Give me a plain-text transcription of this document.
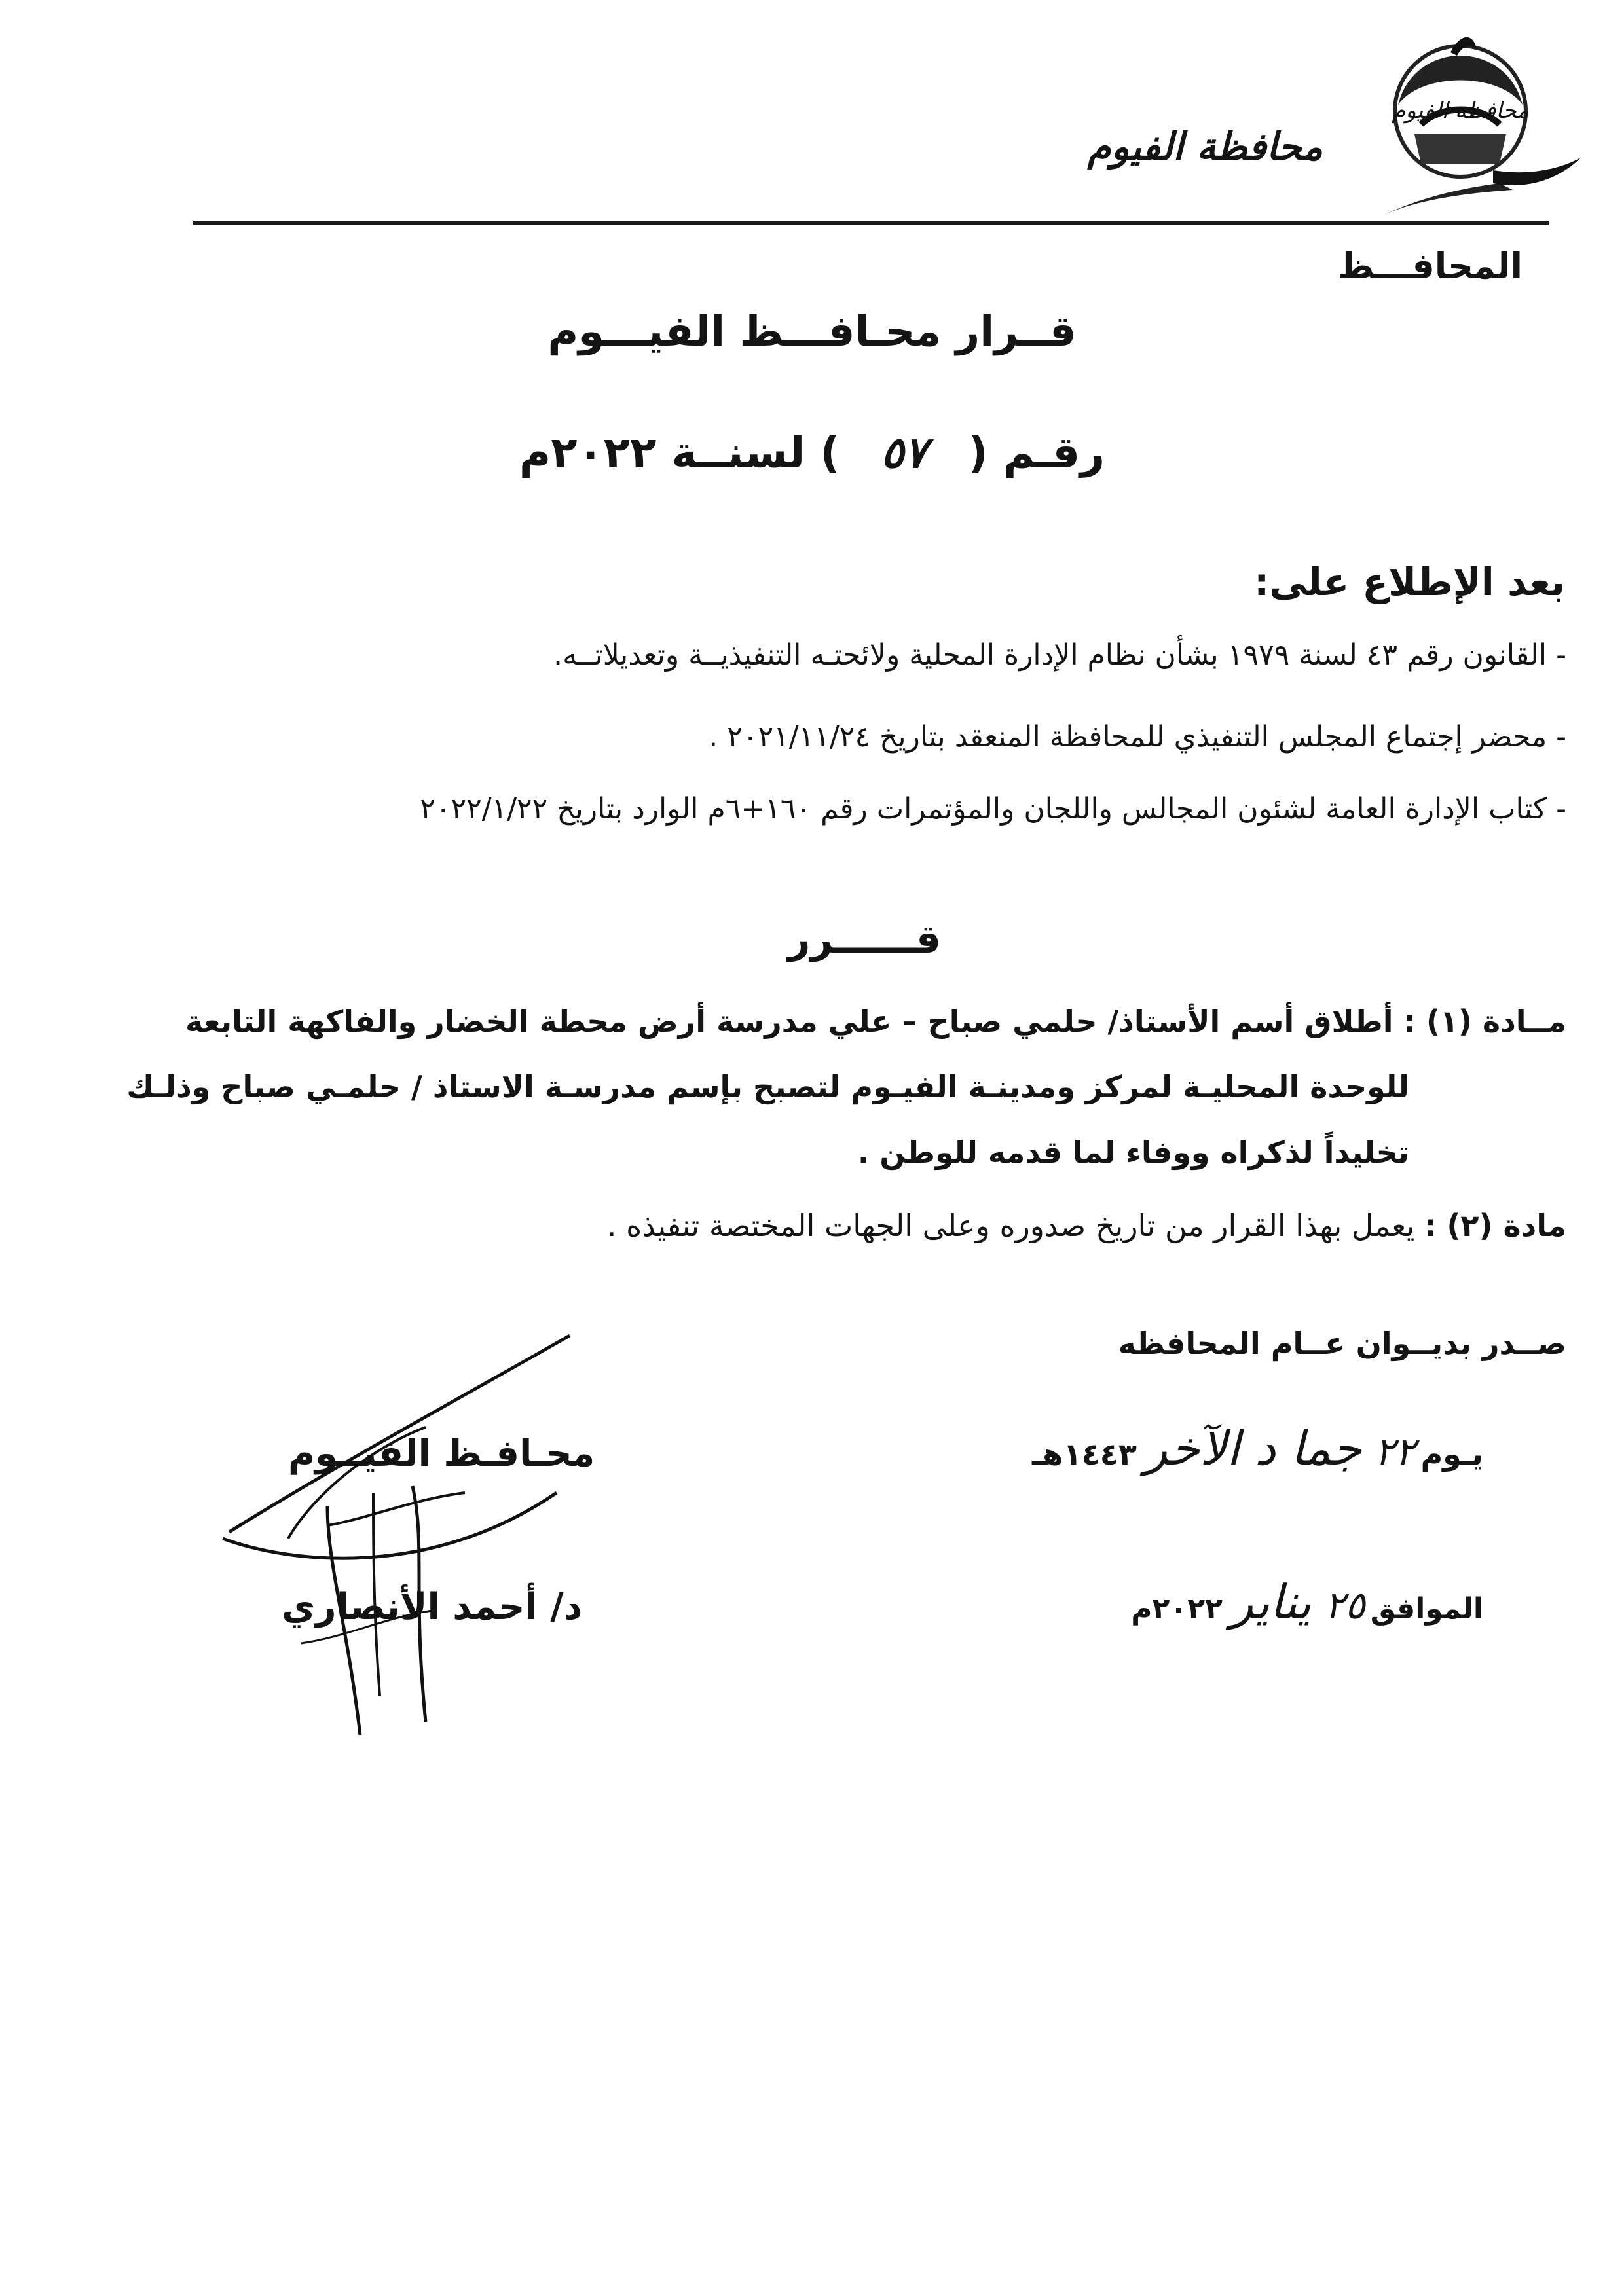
محافظة الفيوم
محافظة الفيوم
المحافـــظ
قــرار محـافـــظ الفيـــوم
رقـم ( ٥٧ ) لسنــة ٢٠٢٢م
بعد الإطلاع على:
- القانون رقم ٤٣ لسنة ١٩٧٩ بشأن نظام الإدارة المحلية ولائحتـه التنفيذيــة وتعديلاتــه.
- محضر إجتماع المجلس التنفيذي للمحافظة المنعقد بتاريخ ٢٠٢١/١١/٢٤ .
- كتاب الإدارة العامة لشئون المجالس واللجان والمؤتمرات رقم ١٦٠+٦م الوارد بتاريخ ٢٠٢٢/١/٢٢
قــــــرر
مــادة (١) : أطلاق أسم الأستاذ/ حلمي صباح – علي مدرسة أرض محطة الخضار والفاكهة التابعة
للوحدة المحليـة لمركز ومدينـة الفيـوم لتصبح بإسم مدرسـة الاستاذ / حلمـي صباح وذلـك
تخليداً لذكراه ووفاء لما قدمه للوطن .
مادة (٢) : يعمل بهذا القرار من تاريخ صدوره وعلى الجهات المختصة تنفيذه .
صــدر بديــوان عــام المحافظه
يـوم٢٢جما د الآخر١٤٤٣هـ
الموافق٢٥يناير٢٠٢٢م
محـافـظ الفيــوم
د/ أحمد الأنصاري
